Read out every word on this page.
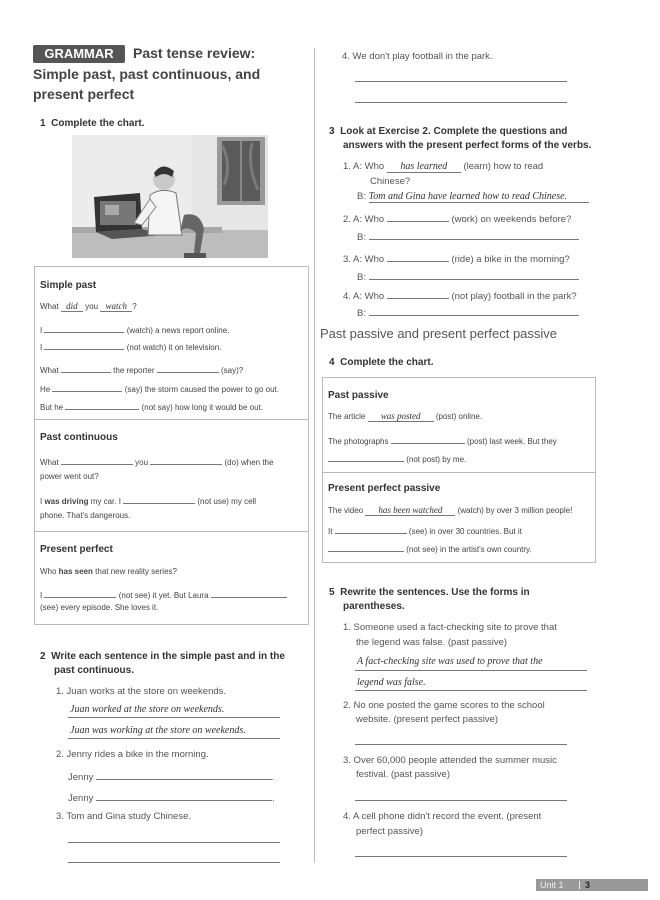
GRAMMAR	Past tense review:
Simple past, past continuous, and
present perfect
1 Complete the chart.
Simple past
What did you watch ?
I	(watch) a news report online.
I	(not watch) it on television.
What	the reporter	(say)?
He	(say) the storm caused the power to go out.
But he	(not say) how long it would be out.
Past continuous
What	you	(do) when the
power went out?
I was driving my car. I	(not use) my cell
phone. That's dangerous.
Present perfect
Who has seen that new reality series?
I	(not see) it yet. But Laura
(see) every episode. She loves it.
2 Write each sentence in the simple past and in the
past continuous.
1. Juan works at the store on weekends.
Juan worked at the store on weekends.
Juan was working at the store on weekends.
2. Jenny rides a bike in the morning.
Jenny	.
Jenny	.
3. Tom and Gina study Chinese.
4. We don't play football in the park.
3 Look at Exercise 2. Complete the questions and
answers with the present perfect forms of the verbs.
1. A: Who has learned (learn) how to read
Chinese?
B: Tom and Gina have learned how to read Chinese.
2. A: Who	(work) on weekends before?
B:
3. A: Who	(ride) a bike in the morning?
B:
4. A: Who	(not play) football in the park?
B:
Past passive and present perfect passive
4 Complete the chart.
Past passive
The article was posted (post) online.
The photographs	(post) last week. But they
(not post) by me.
Present perfect passive
The video has been watched (watch) by over 3 million people!
It	(see) in over 30 countries. But it
(not see) in the artist's own country.
5 Rewrite the sentences. Use the forms in
parentheses.
1. Someone used a fact-checking site to prove that
the legend was false. (past passive)
A fact-checking site was used to prove that the
legend was false.
2. No one posted the game scores to the school
website. (present perfect passive)
3. Over 60,000 people attended the summer music
festival. (past passive)
4. A cell phone didn't record the event. (present
perfect passive)
Unit 1 3
